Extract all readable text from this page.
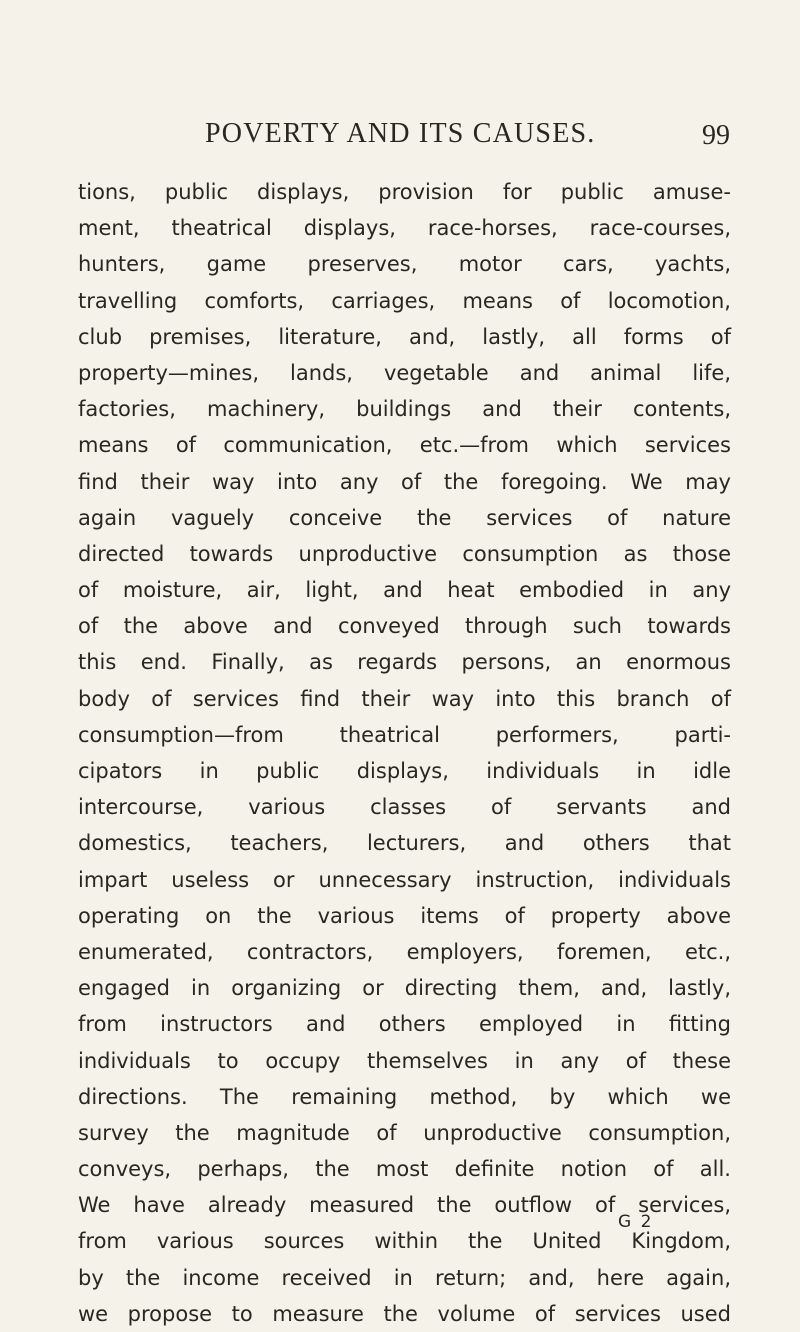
POVERTY AND ITS CAUSES.	99
tions, public displays, provision for public amuse-
ment, theatrical displays, race-horses, race-courses,
hunters, game preserves, motor cars, yachts,
travelling comforts, carriages, means of locomotion,
club premises, literature, and, lastly, all forms of
property—mines, lands, vegetable and animal life,
factories, machinery, buildings and their contents,
means of communication, etc.—from which services
find their way into any of the foregoing. We may
again vaguely conceive the services of nature
directed towards unproductive consumption as those
of moisture, air, light, and heat embodied in any
of the above and conveyed through such towards
this end. Finally, as regards persons, an enormous
body of services find their way into this branch of
consumption—from theatrical performers, parti-
cipators in public displays, individuals in idle
intercourse, various classes of servants and
domestics, teachers, lecturers, and others that
impart useless or unnecessary instruction, individuals
operating on the various items of property above
enumerated, contractors, employers, foremen, etc.,
engaged in organizing or directing them, and, lastly,
from instructors and others employed in fitting
individuals to occupy themselves in any of these
directions. The remaining method, by which we
survey the magnitude of unproductive consumption,
conveys, perhaps, the most definite notion of all.
We have already measured the outflow of services,
from various sources within the United Kingdom,
by the income received in return; and, here again,
we propose to measure the volume of services used
G 2
